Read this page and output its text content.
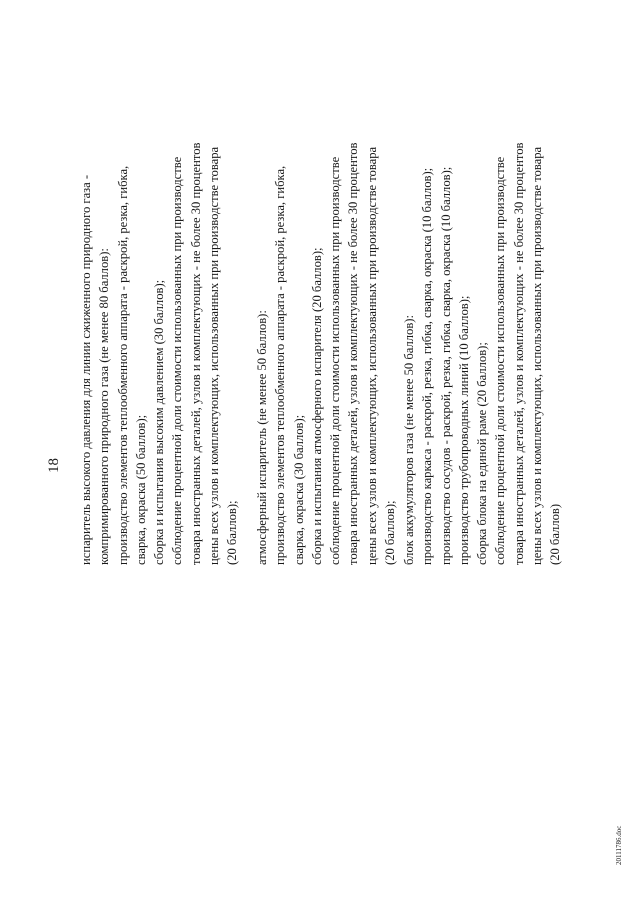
18 испаритель высокого давления для линии сжиженного природного газа - компримированного природного газа (не менее 80 баллов): производство элементов теплообменного аппарата - раскрой, резка, гибка, сварка, окраска (50 баллов); сборка и испытания высоким давлением (30 баллов); соблюдение процентной доли стоимости использованных при производстве товара иностранных деталей, узлов и комплектующих - не более 30 процентов цены всех узлов и комплектующих, использованных при производстве товара (20 баллов); атмосферный испаритель (не менее 50 баллов): производство элементов теплообменного аппарата - раскрой, резка, гибка, сварка, окраска (30 баллов); сборка и испытания атмосферного испарителя (20 баллов); соблюдение процентной доли стоимости использованных при производстве товара иностранных деталей, узлов и комплектующих - не более 30 процентов цены всех узлов и комплектующих, использованных при производстве товара (20 баллов); блок аккумуляторов газа (не менее 50 баллов): производство каркаса - раскрой, резка, гибка, сварка, окраска (10 баллов); производство сосудов - раскрой, резка, гибка, сварка, окраска (10 баллов); производство трубопроводных линий (10 баллов); сборка блока на единой раме (20 баллов); соблюдение процентной доли стоимости использованных при производстве товара иностранных деталей, узлов и комплектующих - не более 30 процентов цены всех узлов и комплектующих, использованных при производстве товара (20 баллов)

20111786.doc
